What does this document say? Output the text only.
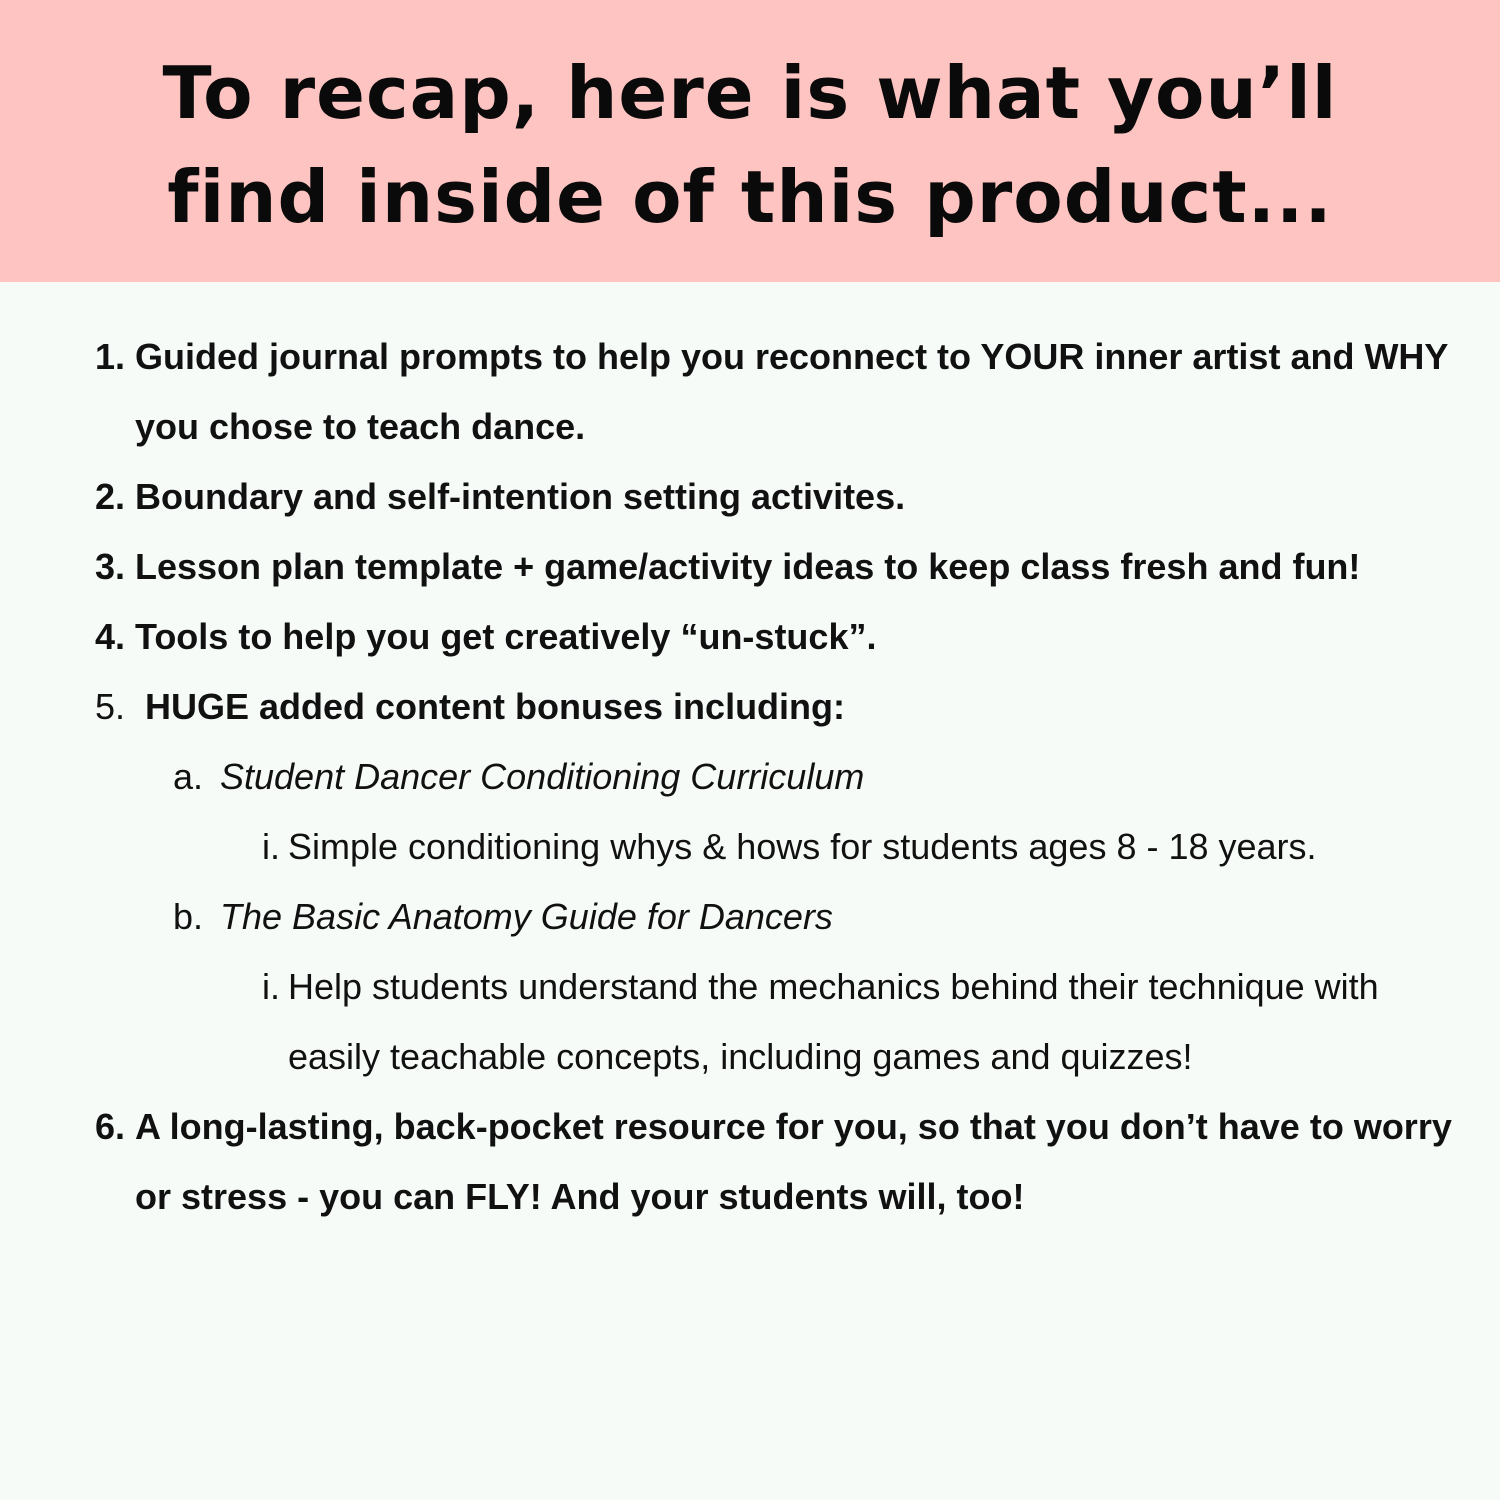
To recap, here is what you’ll
find inside of this product...
1. Guided journal prompts to help you reconnect to YOUR inner artist and WHY you chose to teach dance.
2. Boundary and self-intention setting activites.
3. Lesson plan template + game/activity ideas to keep class fresh and fun!
4. Tools to help you get creatively “un-stuck”.
5. HUGE added content bonuses including:
a. Student Dancer Conditioning Curriculum
i. Simple conditioning whys & hows for students ages 8 - 18 years.
b. The Basic Anatomy Guide for Dancers
i. Help students understand the mechanics behind their technique with easily teachable concepts, including games and quizzes!
6. A long-lasting, back-pocket resource for you, so that you don’t have to worry or stress - you can FLY! And your students will, too!
